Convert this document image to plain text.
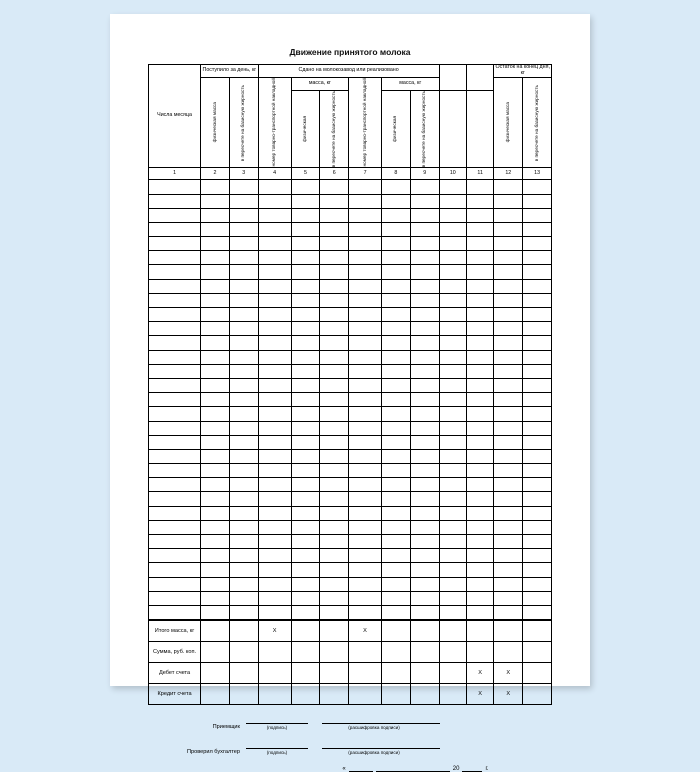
Движение принятого молока
Числа месяца	Поступило за день, кг		Сдано на молокозавод или реализовано								Остаток на конец дня, кг	

	физическая масса	в пересчете на базисную жирность	номер товарно-транспортной накладной	масса, кг		номер товарно-транспортной накладной	масса, кг				физическая масса	в пересчете на базисную жирность

				физическая	в пересчете на базисную жирность		физическая	в пересчете на базисную жирность				

1	2	3	4	5	6	7	8	9	10	11	12	13

Итого масса, кг			X			X						
Сумма, руб. коп.												
Дебет счета										X	X	
Кредит счета										X	X	
Приемщик	(подпись)	(расшифровка подписи)
Проверил бухгалтер	(подпись)	(расшифровка подписи)
«	20	г.
